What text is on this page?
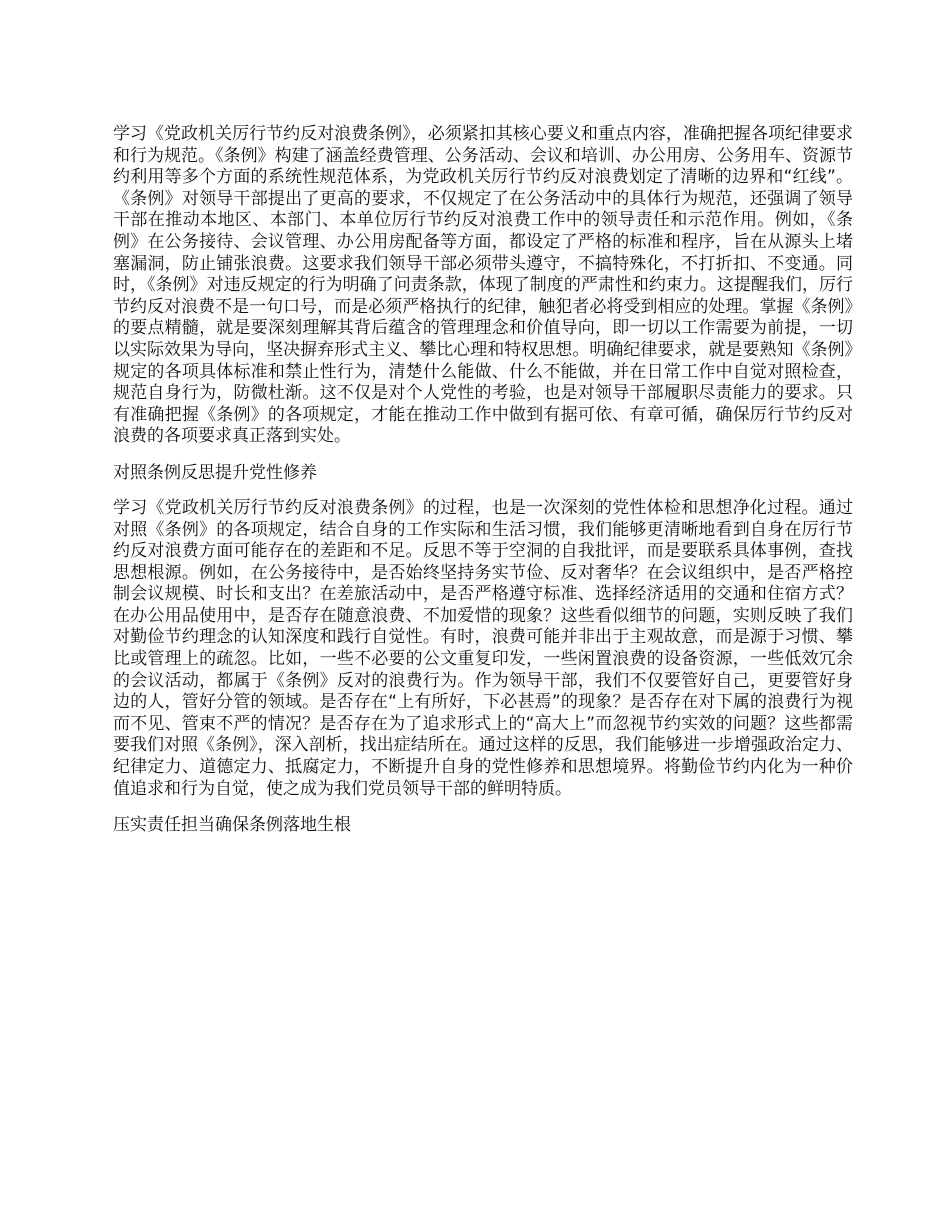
学习《党政机关厉行节约反对浪费条例》，必须紧扣其核心要义和重点内容，准确把握各项纪律要求和行为规范。《条例》构建了涵盖经费管理、公务活动、会议和培训、办公用房、公务用车、资源节约利用等多个方面的系统性规范体系，为党政机关厉行节约反对浪费划定了清晰的边界和“红线”。《条例》对领导干部提出了更高的要求，不仅规定了在公务活动中的具体行为规范，还强调了领导干部在推动本地区、本部门、本单位厉行节约反对浪费工作中的领导责任和示范作用。例如，《条例》在公务接待、会议管理、办公用房配备等方面，都设定了严格的标准和程序，旨在从源头上堵塞漏洞，防止铺张浪费。这要求我们领导干部必须带头遵守，不搞特殊化，不打折扣、不变通。同时，《条例》对违反规定的行为明确了问责条款，体现了制度的严肃性和约束力。这提醒我们，厉行节约反对浪费不是一句口号，而是必须严格执行的纪律，触犯者必将受到相应的处理。掌握《条例》的要点精髓，就是要深刻理解其背后蕴含的管理理念和价值导向，即一切以工作需要为前提，一切以实际效果为导向，坚决摒弃形式主义、攀比心理和特权思想。明确纪律要求，就是要熟知《条例》规定的各项具体标准和禁止性行为，清楚什么能做、什么不能做，并在日常工作中自觉对照检查，规范自身行为，防微杜渐。这不仅是对个人党性的考验，也是对领导干部履职尽责能力的要求。只有准确把握《条例》的各项规定，才能在推动工作中做到有据可依、有章可循，确保厉行节约反对浪费的各项要求真正落到实处。

对照条例反思提升党性修养

学习《党政机关厉行节约反对浪费条例》的过程，也是一次深刻的党性体检和思想净化过程。通过对照《条例》的各项规定，结合自身的工作实际和生活习惯，我们能够更清晰地看到自身在厉行节约反对浪费方面可能存在的差距和不足。反思不等于空洞的自我批评，而是要联系具体事例，查找思想根源。例如，在公务接待中，是否始终坚持务实节俭、反对奢华？在会议组织中，是否严格控制会议规模、时长和支出？在差旅活动中，是否严格遵守标准、选择经济适用的交通和住宿方式？在办公用品使用中，是否存在随意浪费、不加爱惜的现象？这些看似细节的问题，实则反映了我们对勤俭节约理念的认知深度和践行自觉性。有时，浪费可能并非出于主观故意，而是源于习惯、攀比或管理上的疏忽。比如，一些不必要的公文重复印发，一些闲置浪费的设备资源，一些低效冗余的会议活动，都属于《条例》反对的浪费行为。作为领导干部，我们不仅要管好自己，更要管好身边的人，管好分管的领域。是否存在“上有所好，下必甚焉”的现象？是否存在对下属的浪费行为视而不见、管束不严的情况？是否存在为了追求形式上的“高大上”而忽视节约实效的问题？这些都需要我们对照《条例》，深入剖析，找出症结所在。通过这样的反思，我们能够进一步增强政治定力、纪律定力、道德定力、抵腐定力，不断提升自身的党性修养和思想境界。将勤俭节约内化为一种价值追求和行为自觉，使之成为我们党员领导干部的鲜明特质。

压实责任担当确保条例落地生根
